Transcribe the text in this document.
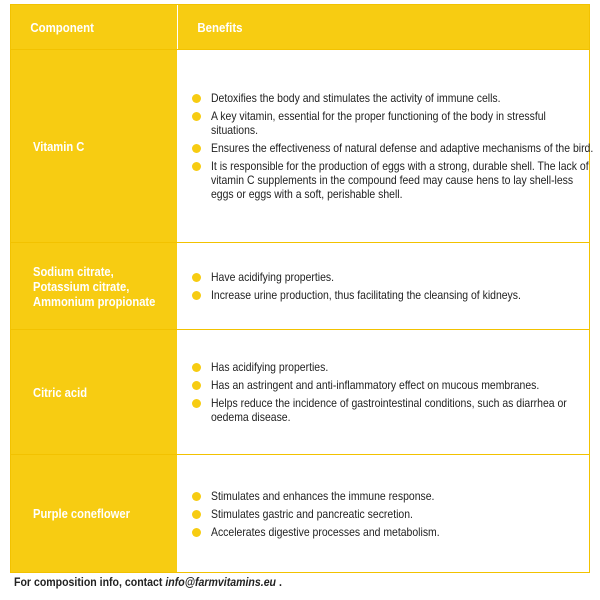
Component	Benefits
Vitamin C
Detoxifies the body and stimulates the activity of immune cells.
A key vitamin, essential for the proper functioning of the body in stressful situations.
Ensures the effectiveness of natural defense and adaptive mechanisms of the bird.
It is responsible for the production of eggs with a strong, durable shell. The lack of vitamin C supplements in the compound feed may cause hens to lay shell-less eggs or eggs with a soft, perishable shell.
Sodium citrate,
Potassium citrate,
Ammonium propionate
Have acidifying properties.
Increase urine production, thus facilitating the cleansing of kidneys.
Citric acid
Has acidifying properties.
Has an astringent and anti-inflammatory effect on mucous membranes.
Helps reduce the incidence of gastrointestinal conditions, such as diarrhea or oedema disease.
Purple coneflower
Stimulates and enhances the immune response.
Stimulates gastric and pancreatic secretion.
Accelerates digestive processes and metabolism.
For composition info, contact info@farmvitamins.eu .
